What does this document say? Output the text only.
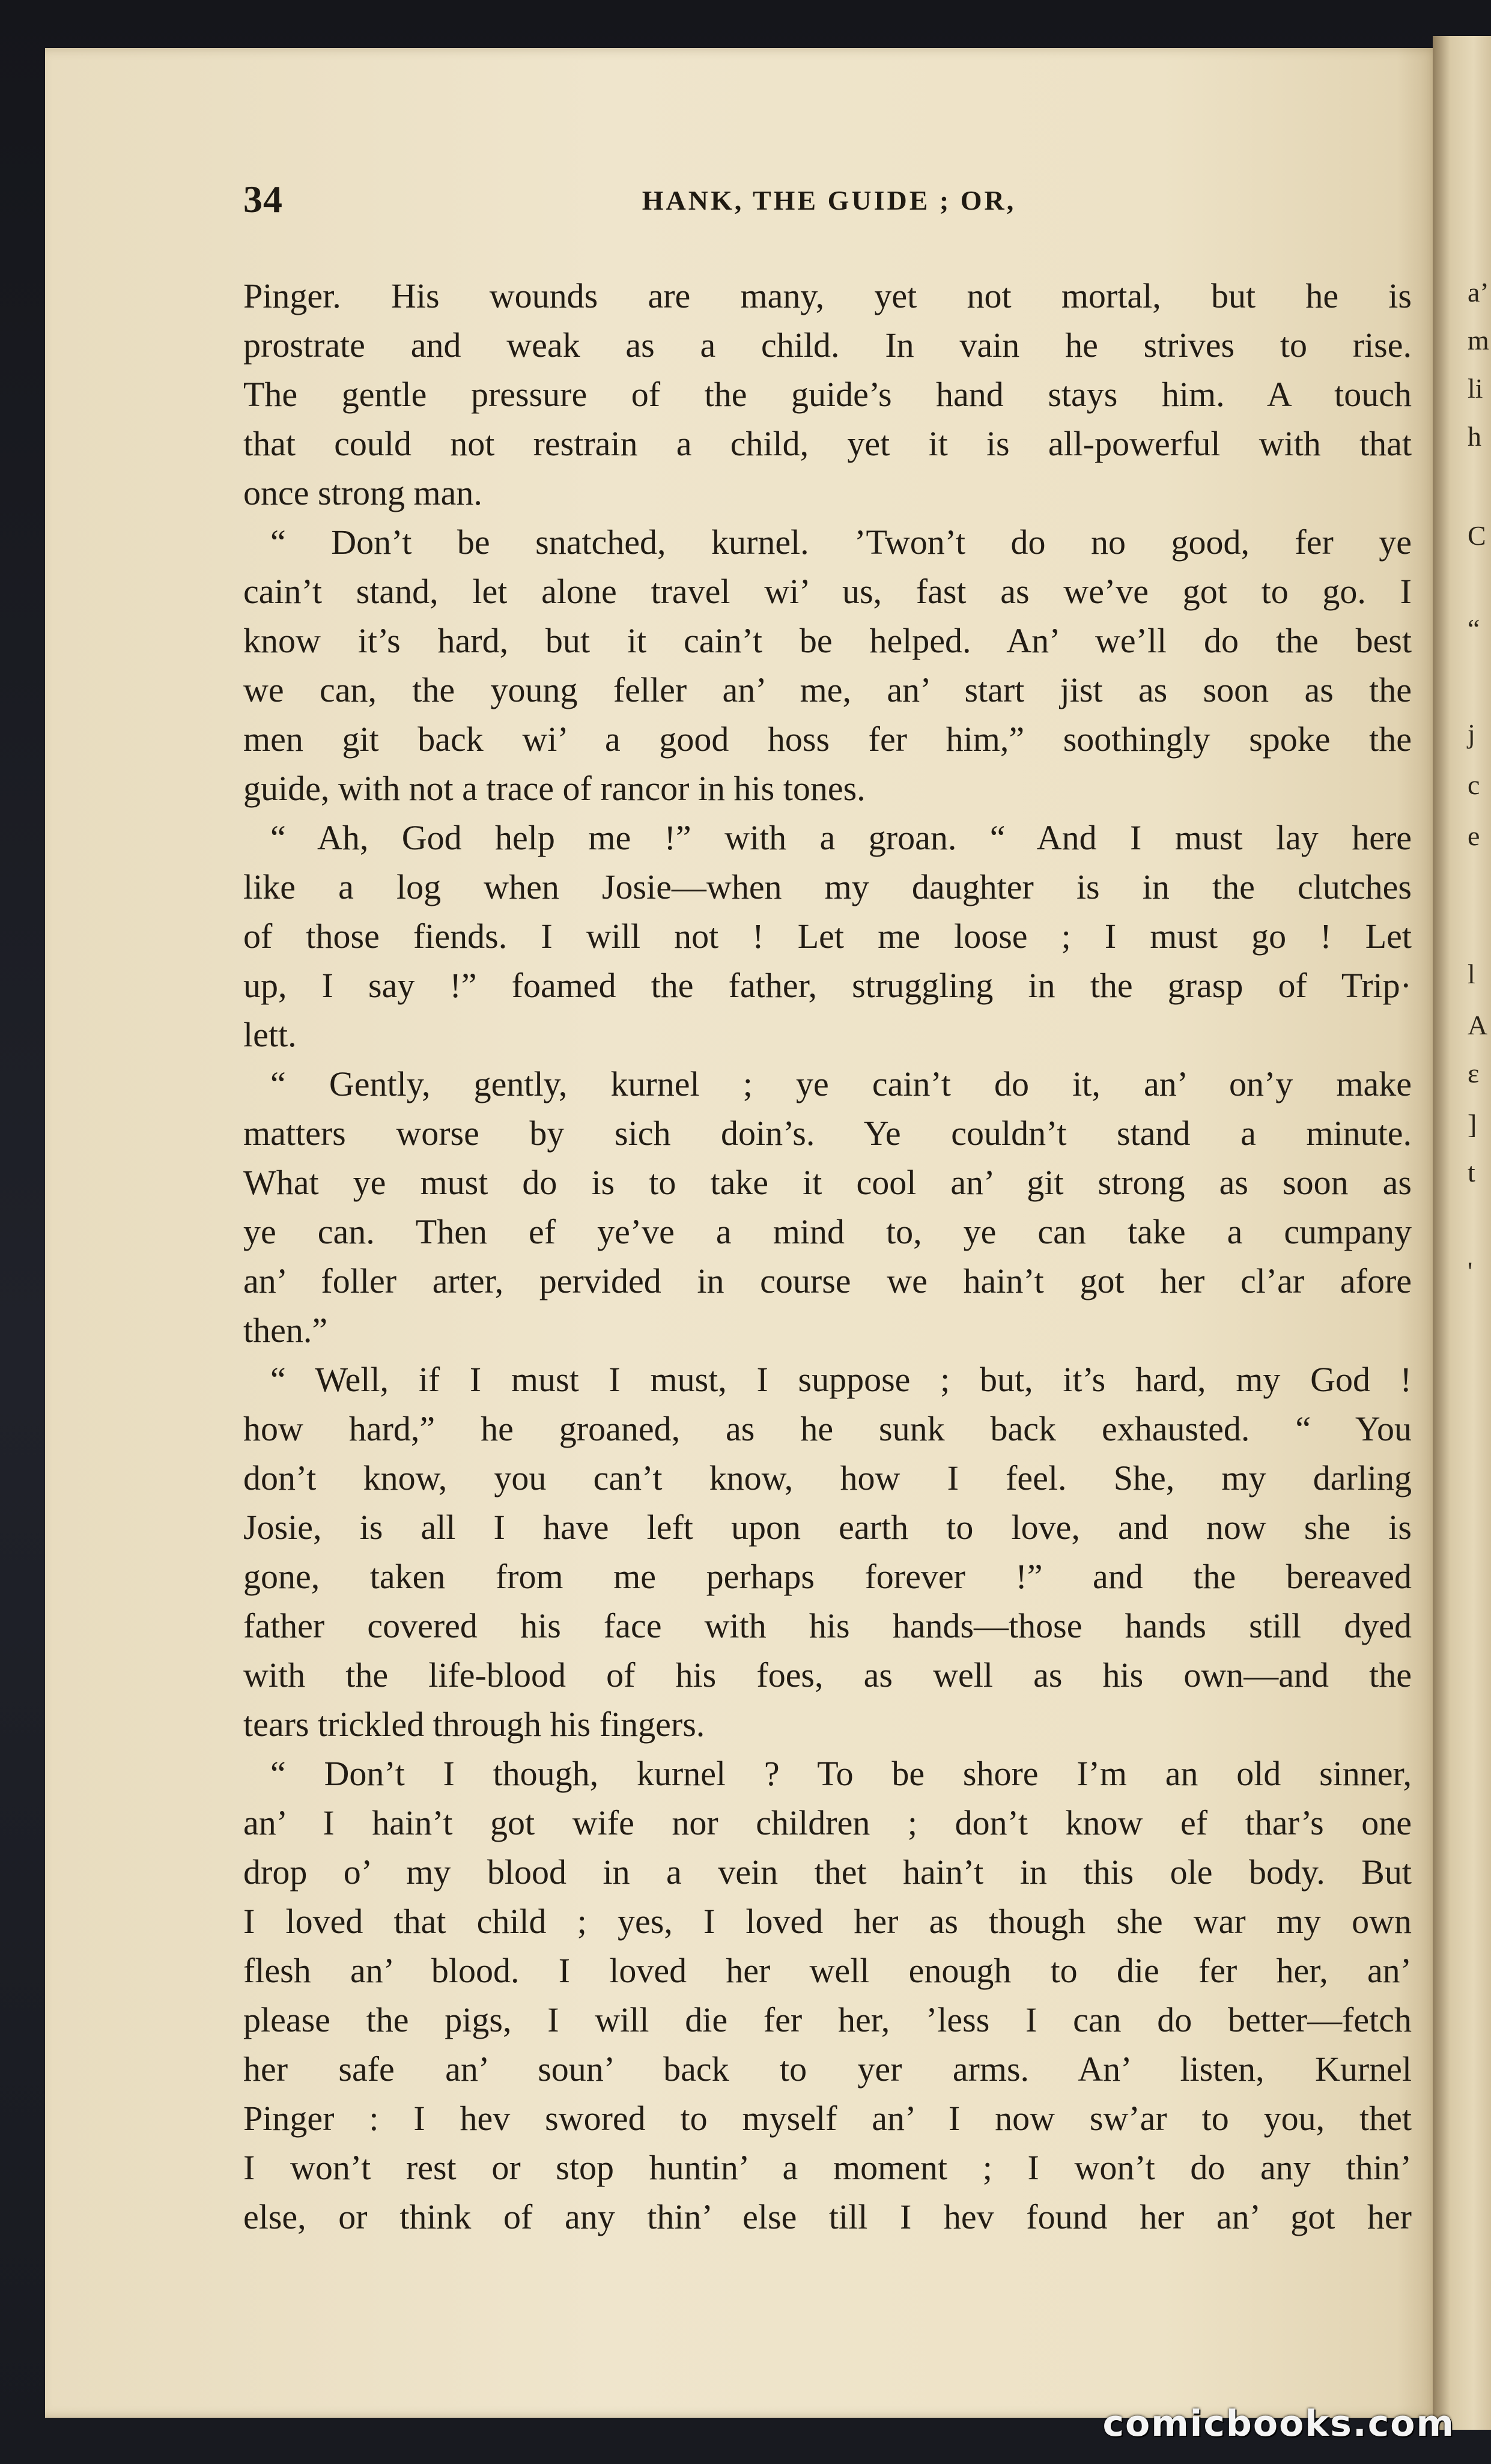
a’
m
li
h
C
“
j
c
e
l
A
ɛ
]
t
'
34	HANK, THE GUIDE ; OR,
Pinger. His wounds are many, yet not mortal, but he is
prostrate and weak as a child. In vain he strives to rise.
The gentle pressure of the guide’s hand stays him. A touch
that could not restrain a child, yet it is all-powerful with that
once strong man.
“ Don’t be snatched, kurnel. ’Twon’t do no good, fer ye
cain’t stand, let alone travel wi’ us, fast as we’ve got to go. I
know it’s hard, but it cain’t be helped. An’ we’ll do the best
we can, the young feller an’ me, an’ start jist as soon as the
men git back wi’ a good hoss fer him,” soothingly spoke the
guide, with not a trace of rancor in his tones.
“ Ah, God help me !” with a groan. “ And I must lay here
like a log when Josie—when my daughter is in the clutches
of those fiends. I will not ! Let me loose ; I must go ! Let
up, I say !” foamed the father, struggling in the grasp of Trip·
lett.
“ Gently, gently, kurnel ; ye cain’t do it, an’ on’y make
matters worse by sich doin’s. Ye couldn’t stand a minute.
What ye must do is to take it cool an’ git strong as soon as
ye can. Then ef ye’ve a mind to, ye can take a cumpany
an’ foller arter, pervided in course we hain’t got her cl’ar afore
then.”
“ Well, if I must I must, I suppose ; but, it’s hard, my God !
how hard,” he groaned, as he sunk back exhausted. “ You
don’t know, you can’t know, how I feel. She, my darling
Josie, is all I have left upon earth to love, and now she is
gone, taken from me perhaps forever !” and the bereaved
father covered his face with his hands—those hands still dyed
with the life-blood of his foes, as well as his own—and the
tears trickled through his fingers.
“ Don’t I though, kurnel ? To be shore I’m an old sinner,
an’ I hain’t got wife nor children ; don’t know ef thar’s one
drop o’ my blood in a vein thet hain’t in this ole body. But
I loved that child ; yes, I loved her as though she war my own
flesh an’ blood. I loved her well enough to die fer her, an’
please the pigs, I will die fer her, ’less I can do better—fetch
her safe an’ soun’ back to yer arms. An’ listen, Kurnel
Pinger : I hev swored to myself an’ I now sw’ar to you, thet
I won’t rest or stop huntin’ a moment ; I won’t do any thin’
else, or think of any thin’ else till I hev found her an’ got her
comicbooks.com
